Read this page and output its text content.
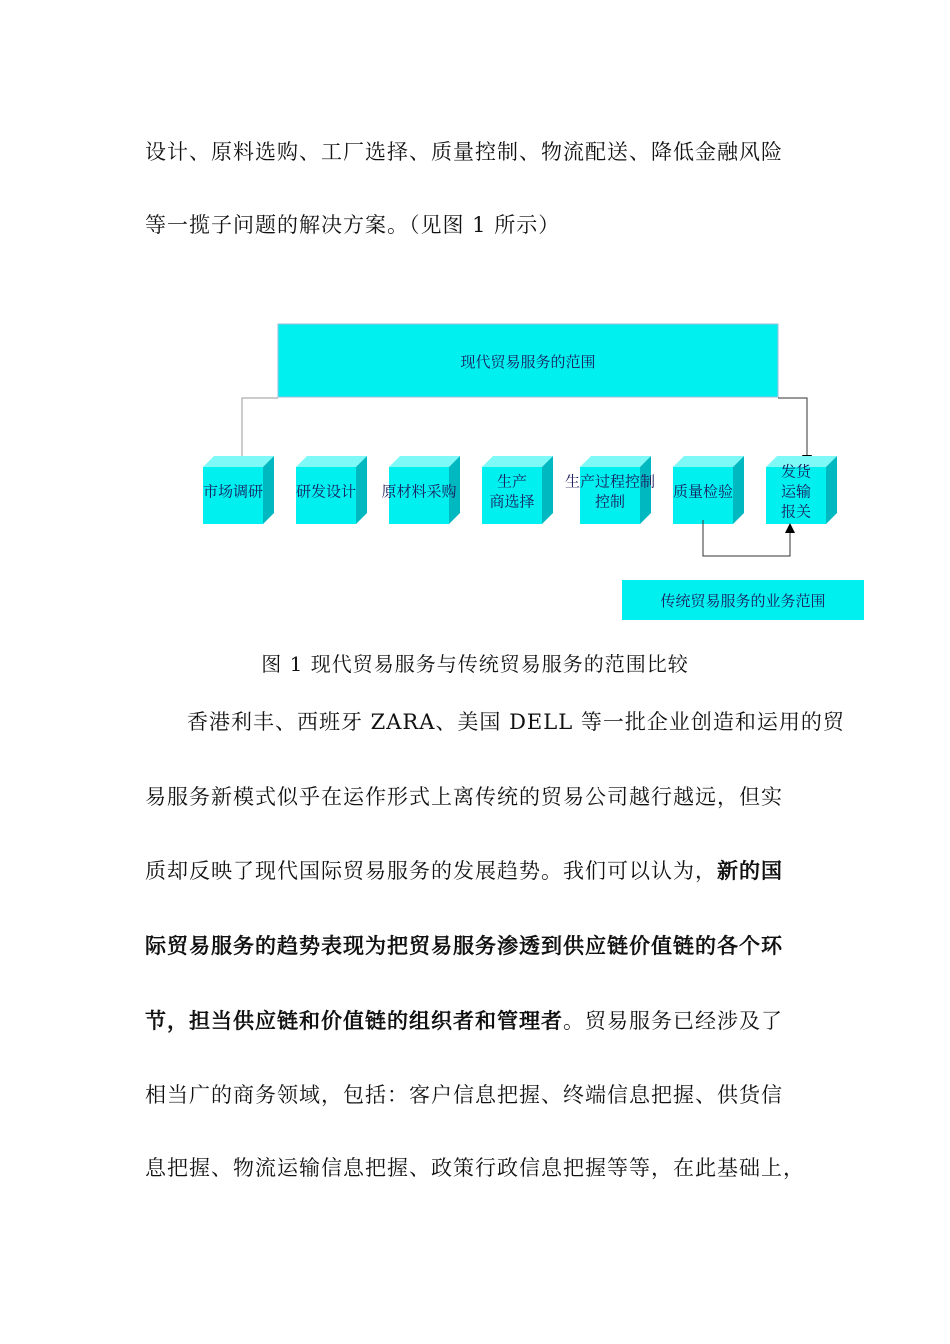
设计、原料选购、工厂选择、质量控制、物流配送、降低金融风险
等一揽子问题的解决方案。（见图 1 所示）
现代贸易服务的范围
市场调研 研发设计 原材料采购
生产
商选择
生产过程控制
控制
质量检验
发货
运输
报关
传统贸易服务的业务范围
图 1 现代贸易服务与传统贸易服务的范围比较
香港利丰、西班牙 ZARA、美国 DELL 等一批企业创造和运用的贸
易服务新模式似乎在运作形式上离传统的贸易公司越行越远，但实
质却反映了现代国际贸易服务的发展趋势。我们可以认为，新的国
际贸易服务的趋势表现为把贸易服务渗透到供应链价值链的各个环
节，担当供应链和价值链的组织者和管理者。贸易服务已经涉及了
相当广的商务领域，包括：客户信息把握、终端信息把握、供货信
息把握、物流运输信息把握、政策行政信息把握等等，在此基础上，
